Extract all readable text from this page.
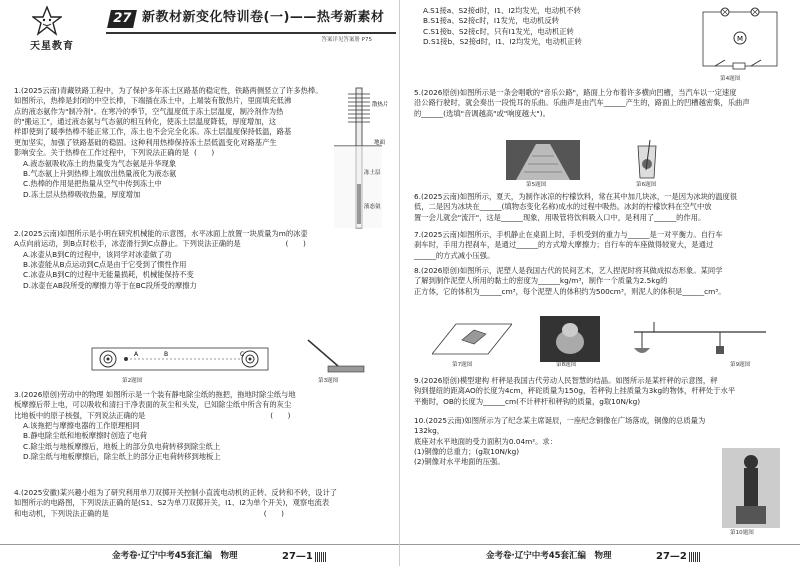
天星教育
27 新教材新变化特训卷(一)——热考新素材
答案详见答案册 P75

1.(2025云南)青藏铁路工程中，为了保护多年冻土区路基的稳定性，铁路两侧竖立了许多热棒。

如图所示，热棒是封闭的中空长棒，下端插在冻土中，上端装有散热片，里面填充低沸

点的液态氨作为"制冷剂"。在寒冷的季节，空气温度低于冻土层温度，制冷剂作为热

的"搬运工"，通过液态氨与气态氨的相互转化，使冻土层温度降低，厚度增加，这

样即使到了暖季热棒不能正常工作，冻土也不会完全化冻。冻土层温度保持低温，路基

更加坚实，加强了铁路基础的稳固。这种利用热棒保持冻土层低温变化对路基产生

影响安全。关于热棒在工作过程中，下列说法正确的是 (　　)

A.液态氨吸收冻土的热量变为气态氨是升华现象

B.气态氨上升到热棒上端放出热量液化为液态氨

C.热棒的作用是把热量从空气中传到冻土中

D.冻土层从热棒吸收热量，厚度增加

散热片
地面
冻土层
液态氨

2.(2025云南)如图所示是小明在研究机械能的示意图，水平冰面上放置一块质量为m的冰壶

A点向前运动，到B点时松手，冰壶滑行到C点静止。下列说法正确的是	(　　)

A.冰壶从B到C的过程中，该同学对冰壶做了功

B.冰壶能从B点运动到C点是由于它受到了惯性作用

C.冰壶从B到C的过程中无能量损耗，机械能保持不变

D.冰壶在AB段所受的摩擦力等于在BC段所受的摩擦力

A	B	C
第2题图	第3题图

3.(2026原创)劳动中的物理 如图所示是一个装有静电除尘纸的拖把，拖地时除尘纸与地

板摩擦后带上电，可以吸收和清扫干净表面的灰尘和头发，已知除尘纸中所含有的灰尘

比地板中的原子核强，下列说法正确的是	(　　)

A.该拖把与摩擦电器的工作原理相同

B.静电除尘纸和地板摩擦时创造了电荷

C.除尘纸与地板摩擦后，地板上的部分负电荷转移到除尘纸上

D.除尘纸与地板摩擦后，除尘纸上的部分正电荷转移到地板上

4.(2025安徽)某兴趣小组为了研究利用单刀双掷开关控制小直流电动机的正转、反转和不转，设计了

如图所示的电路图，下列说法正确的是(S1、S2为单刀双掷开关，I1、I2为单个开关)，观察电流表

和电动机，下列说法正确的是	(　　)

金考卷·辽宁中考45套汇编　物理	27—1

A.S1接a、S2接d时，I1、I2均发光，电动机不转

B.S1接a、S2接c时，I1发光，电动机反转

C.S1接b、S2接c时，只有I1发光，电动机正转

D.S1接b、S2接d时，I1、I2均发光，电动机正转	M
第4题图

5.(2026原创)如图所示是一条会唱歌的"音乐公路"，路面上分布着许多横向凹槽，当汽车以一定速度

沿公路行驶时，就会奏出一段悦耳的乐曲。乐曲声是由汽车______产生的，路面上的凹槽越密集，乐曲声

的______(选填"音调越高"或"响度越大")。

第5题图	第6题图

6.(2025云南)如图所示，夏天，为制作冰凉的柠檬饮料，常在其中加几块冰，一是因为冰块的温度很

低，二是因为冰块在______(填物态变化名称)成水的过程中吸热。冰封的柠檬饮料在空气中放

置一会儿就会"流汗"，这是______现象，用吸管将饮料吸入口中，是利用了______的作用。

7.(2025云南)如图所示，手机静止在桌面上时，手机受到的重力与______是一对平衡力。自行车

刹车时，手用力捏刹车，是通过______的方式增大摩擦力；自行车的车座做得较宽大，是通过

______的方式减小压强。

8.(2026原创)如图所示，泥塑人是我国古代的民间艺术，艺人捏泥时将其做成拟态形象。某同学

了解到制作泥塑人所用的黏土的密度为______kg/m³，制作一个质量为2.5kg的

正方体，它的体积为______cm³，每个泥塑人的体积约为500cm³，则泥人的体积是______cm³。

第7题图	第8题图	第9题图

9.(2026原创)模型建构 杆秤是我国古代劳动人民智慧的结晶。如图所示是某杆秤的示意图，秤

钩到提纽的距离AO的长度为4cm，秤砣质量为150g，若秤钩上挂质量为3kg的物体，杆秤处于水平

平衡时，OB的长度为______cm(不计秤杆和秤钩的质量，g取10N/kg)

10.(2025云南)如图所示为了纪念某主席诞辰，一座纪念铜像在广场落成，铜像的总质量为132kg，

底座对水平地面的受力面积为0.04m²。求：

(1)铜像的总重力；(g取10N/kg)

(2)铜像对水平地面的压强。

第10题图
金考卷·辽宁中考45套汇编　物理	27—2
